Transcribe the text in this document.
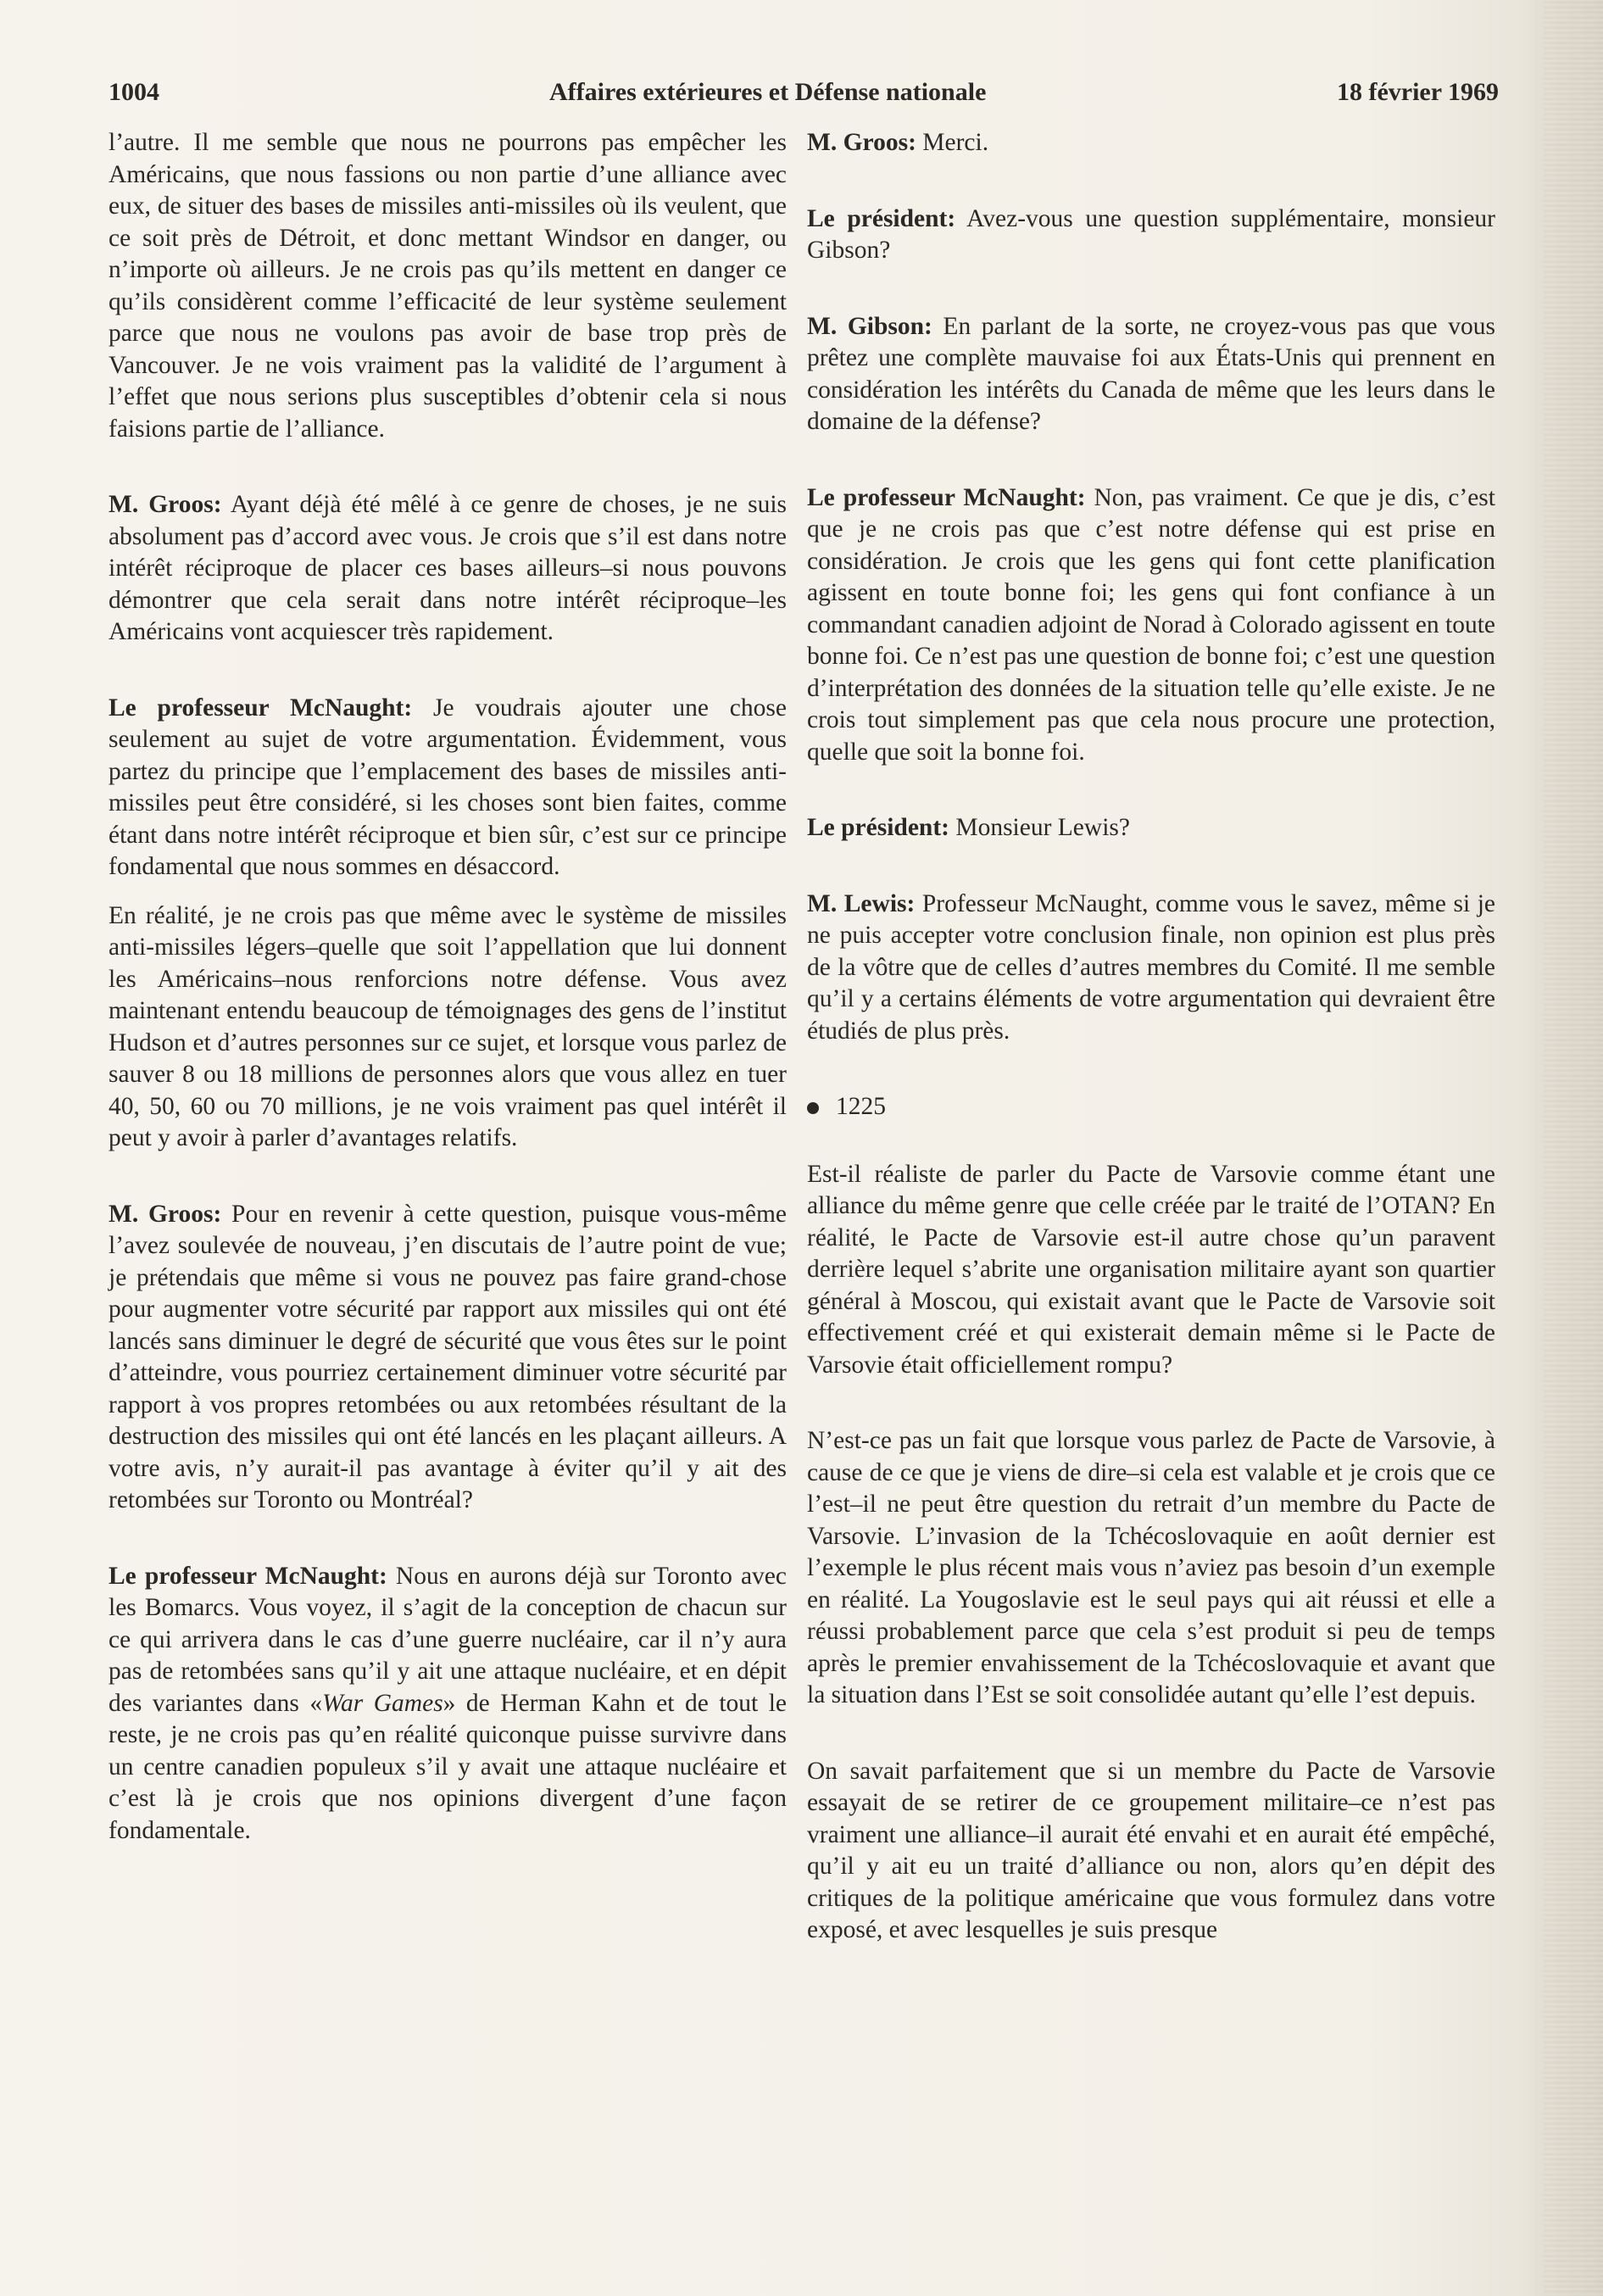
1004	Affaires extérieures et Défense nationale	18 février 1969

l’autre. Il me semble que nous ne pourrons pas empêcher les Américains, que nous fassions ou non partie d’une alliance avec eux, de situer des bases de missiles anti-missiles où ils veulent, que ce soit près de Détroit, et donc mettant Windsor en danger, ou n’importe où ailleurs. Je ne crois pas qu’ils mettent en danger ce qu’ils considèrent comme l’efficacité de leur système seulement parce que nous ne voulons pas avoir de base trop près de Vancouver. Je ne vois vraiment pas la validité de l’argument à l’effet que nous serions plus susceptibles d’obtenir cela si nous faisions partie de l’alliance.

M. Groos: Ayant déjà été mêlé à ce genre de choses, je ne suis absolument pas d’accord avec vous. Je crois que s’il est dans notre intérêt réciproque de placer ces bases ailleurs–si nous pouvons démontrer que cela serait dans notre intérêt réciproque–les Américains vont acquiescer très rapidement.

Le professeur McNaught: Je voudrais ajouter une chose seulement au sujet de votre argumentation. Évidemment, vous partez du principe que l’emplacement des bases de missiles anti-missiles peut être considéré, si les choses sont bien faites, comme étant dans notre intérêt réciproque et bien sûr, c’est sur ce principe fondamental que nous sommes en désaccord.

En réalité, je ne crois pas que même avec le système de missiles anti-missiles légers–quelle que soit l’appellation que lui donnent les Américains–nous renforcions notre défense. Vous avez maintenant entendu beaucoup de témoignages des gens de l’institut Hudson et d’autres personnes sur ce sujet, et lorsque vous parlez de sauver 8 ou 18 millions de personnes alors que vous allez en tuer 40, 50, 60 ou 70 millions, je ne vois vraiment pas quel intérêt il peut y avoir à parler d’avantages relatifs.

M. Groos: Pour en revenir à cette question, puisque vous-même l’avez soulevée de nouveau, j’en discutais de l’autre point de vue; je prétendais que même si vous ne pouvez pas faire grand-chose pour augmenter votre sécurité par rapport aux missiles qui ont été lancés sans diminuer le degré de sécurité que vous êtes sur le point d’atteindre, vous pourriez certainement diminuer votre sécurité par rapport à vos propres retombées ou aux retombées résultant de la destruction des missiles qui ont été lancés en les plaçant ailleurs. A votre avis, n’y aurait-il pas avantage à éviter qu’il y ait des retombées sur Toronto ou Montréal?

Le professeur McNaught: Nous en aurons déjà sur Toronto avec les Bomarcs. Vous voyez, il s’agit de la conception de chacun sur ce qui arrivera dans le cas d’une guerre nucléaire, car il n’y aura pas de retombées sans qu’il y ait une attaque nucléaire, et en dépit des variantes dans «War Games» de Herman Kahn et de tout le reste, je ne crois pas qu’en réalité quiconque puisse survivre dans un centre canadien populeux s’il y avait une attaque nucléaire et c’est là je crois que nos opinions divergent d’une façon fondamentale.

M. Groos: Merci.

Le président: Avez-vous une question supplémentaire, monsieur Gibson?

M. Gibson: En parlant de la sorte, ne croyez-vous pas que vous prêtez une complète mauvaise foi aux États-Unis qui prennent en considération les intérêts du Canada de même que les leurs dans le domaine de la défense?

Le professeur McNaught: Non, pas vraiment. Ce que je dis, c’est que je ne crois pas que c’est notre défense qui est prise en considération. Je crois que les gens qui font cette planification agissent en toute bonne foi; les gens qui font confiance à un commandant canadien adjoint de Norad à Colorado agissent en toute bonne foi. Ce n’est pas une question de bonne foi; c’est une question d’interprétation des données de la situation telle qu’elle existe. Je ne crois tout simplement pas que cela nous procure une protection, quelle que soit la bonne foi.

Le président: Monsieur Lewis?

M. Lewis: Professeur McNaught, comme vous le savez, même si je ne puis accepter votre conclusion finale, non opinion est plus près de la vôtre que de celles d’autres membres du Comité. Il me semble qu’il y a certains éléments de votre argumentation qui devraient être étudiés de plus près.

1225

Est-il réaliste de parler du Pacte de Varsovie comme étant une alliance du même genre que celle créée par le traité de l’OTAN? En réalité, le Pacte de Varsovie est-il autre chose qu’un paravent derrière lequel s’abrite une organisation militaire ayant son quartier général à Moscou, qui existait avant que le Pacte de Varsovie soit effectivement créé et qui existerait demain même si le Pacte de Varsovie était officiellement rompu?

N’est-ce pas un fait que lorsque vous parlez de Pacte de Varsovie, à cause de ce que je viens de dire–si cela est valable et je crois que ce l’est–il ne peut être question du retrait d’un membre du Pacte de Varsovie. L’invasion de la Tchécoslovaquie en août dernier est l’exemple le plus récent mais vous n’aviez pas besoin d’un exemple en réalité. La Yougoslavie est le seul pays qui ait réussi et elle a réussi probablement parce que cela s’est produit si peu de temps après le premier envahissement de la Tchécoslovaquie et avant que la situation dans l’Est se soit consolidée autant qu’elle l’est depuis.

On savait parfaitement que si un membre du Pacte de Varsovie essayait de se retirer de ce groupement militaire–ce n’est pas vraiment une alliance–il aurait été envahi et en aurait été empêché, qu’il y ait eu un traité d’alliance ou non, alors qu’en dépit des critiques de la politique américaine que vous formulez dans votre exposé, et avec lesquelles je suis presque
